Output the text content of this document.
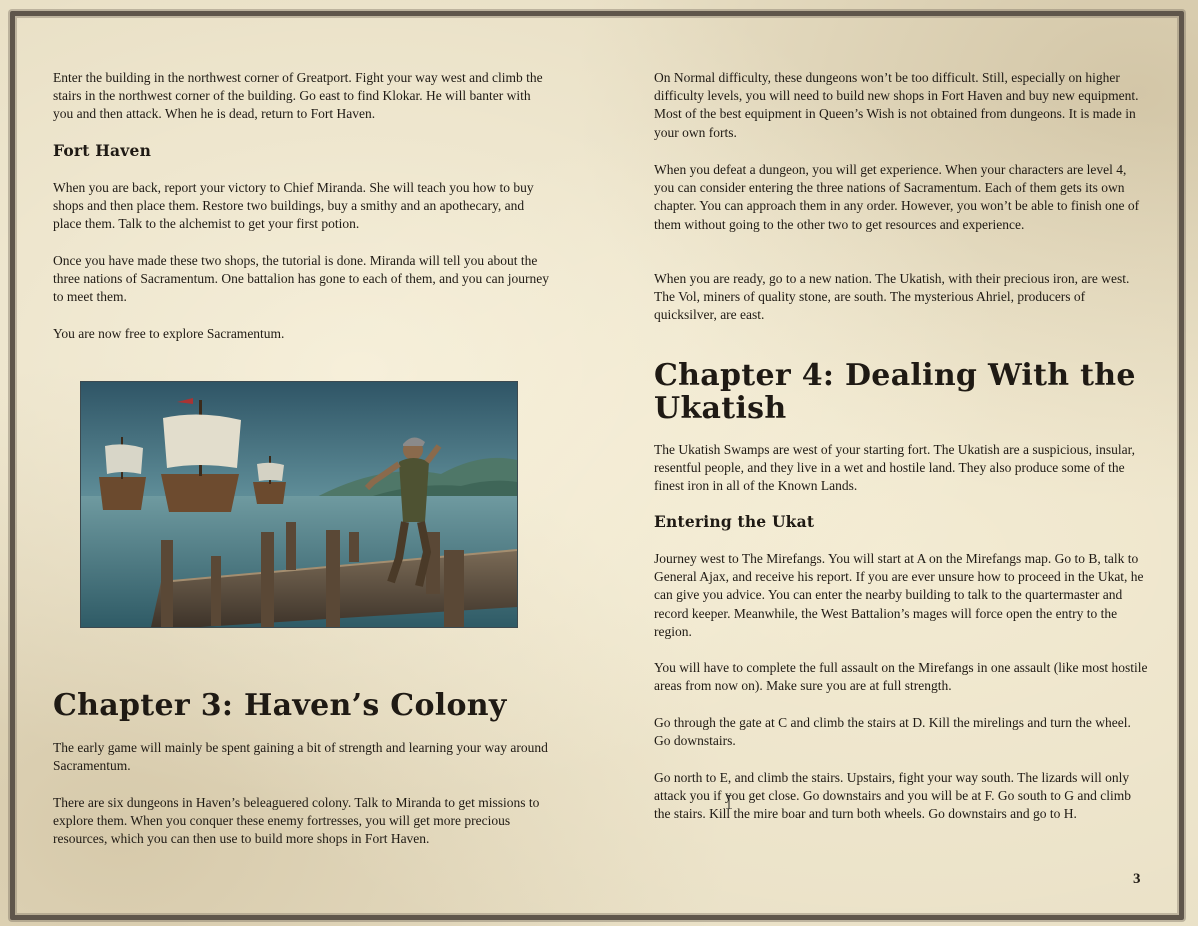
Enter the building in the northwest corner of Greatport. Fight your way west and climb the stairs in the northwest corner of the building. Go east to find Klokar. He will banter with you and then attack. When he is dead, return to Fort Haven.

Fort Haven

When you are back, report your victory to Chief Miranda. She will teach you how to buy shops and then place them. Restore two buildings, buy a smithy and an apothecary, and place them. Talk to the alchemist to get your first potion.

Once you have made these two shops, the tutorial is done. Miranda will tell you about the three nations of Sacramentum. One battalion has gone to each of them, and you can journey to meet them.

You are now free to explore Sacramentum.

Chapter 3: Haven’s Colony

The early game will mainly be spent gaining a bit of strength and learning your way around Sacramentum.

There are six dungeons in Haven’s beleaguered colony. Talk to Miranda to get missions to explore them. When you conquer these enemy fortresses, you will get more precious resources, which you can then use to build more shops in Fort Haven.

On Normal difficulty, these dungeons won’t be too difficult. Still, especially on higher difficulty levels, you will need to build new shops in Fort Haven and buy new equipment. Most of the best equipment in Queen’s Wish is not obtained from dungeons. It is made in your own forts.

When you defeat a dungeon, you will get experience. When your characters are level 4, you can consider entering the three nations of Sacramentum. Each of them gets its own chapter. You can approach them in any order. However, you won’t be able to finish one of them without going to the other two to get resources and experience.

When you are ready, go to a new nation. The Ukatish, with their precious iron, are west. The Vol, miners of quality stone, are south. The mysterious Ahriel, producers of quicksilver, are east.

Chapter 4: Dealing With the Ukatish

The Ukatish Swamps are west of your starting fort. The Ukatish are a suspicious, insular, resentful people, and they live in a wet and hostile land. They also produce some of the finest iron in all of the Known Lands.

Entering the Ukat

Journey west to The Mirefangs. You will start at A on the Mirefangs map. Go to B, talk to General Ajax, and receive his report. If you are ever unsure how to proceed in the Ukat, he can give you advice. You can enter the nearby building to talk to the quartermaster and record keeper. Meanwhile, the West Battalion’s mages will force open the entry to the region.

You will have to complete the full assault on the Mirefangs in one assault (like most hostile areas from now on). Make sure you are at full strength.

Go through the gate at C and climb the stairs at D. Kill the mirelings and turn the wheel. Go downstairs.

Go north to E, and climb the stairs. Upstairs, fight your way south. The lizards will only attack you if you get close. Go downstairs and you will be at F. Go south to G and climb the stairs. Kill the mire boar and turn both wheels. Go downstairs and go to H.

3
